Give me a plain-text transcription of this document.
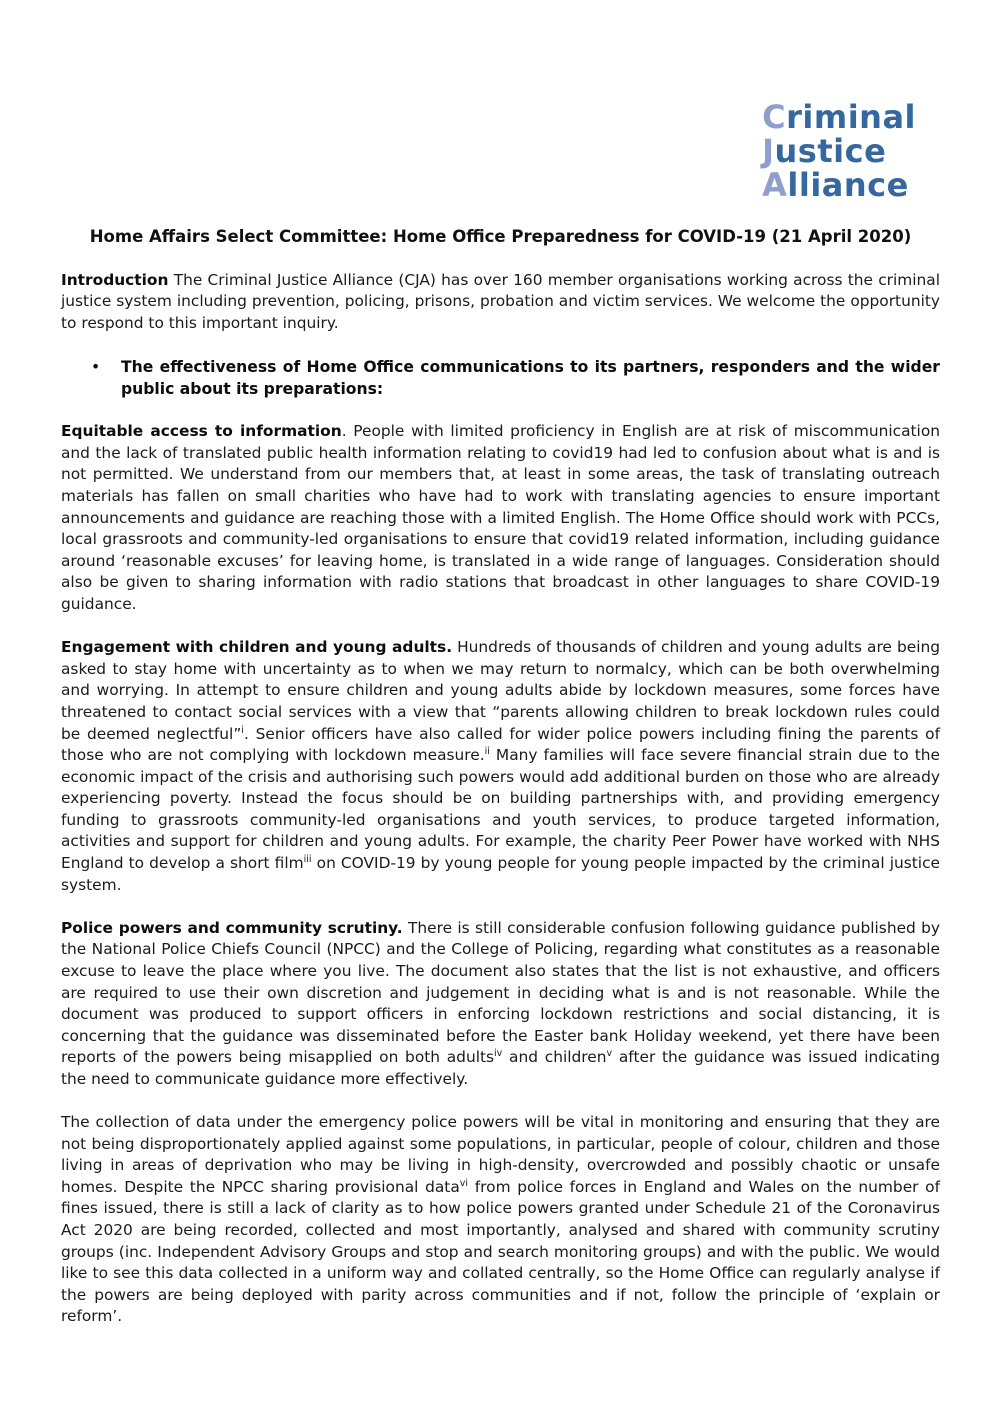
Criminal
Justice
Alliance
Home Affairs Select Committee: Home Office Preparedness for COVID-19 (21 April 2020)

Introduction The Criminal Justice Alliance (CJA) has over 160 member organisations working across the criminal justice system including prevention, policing, prisons, probation and victim services. We welcome the opportunity to respond to this important inquiry.

•	The effectiveness of Home Office communications to its partners, responders and the wider public about its preparations:

Equitable access to information. People with limited proficiency in English are at risk of miscommunication and the lack of translated public health information relating to covid19 had led to confusion about what is and is not permitted. We understand from our members that, at least in some areas, the task of translating outreach materials has fallen on small charities who have had to work with translating agencies to ensure important announcements and guidance are reaching those with a limited English. The Home Office should work with PCCs, local grassroots and community-led organisations to ensure that covid19 related information, including guidance around ‘reasonable excuses’ for leaving home, is translated in a wide range of languages. Consideration should also be given to sharing information with radio stations that broadcast in other languages to share COVID-19 guidance.

Engagement with children and young adults. Hundreds of thousands of children and young adults are being asked to stay home with uncertainty as to when we may return to normalcy, which can be both overwhelming and worrying. In attempt to ensure children and young adults abide by lockdown measures, some forces have threatened to contact social services with a view that “parents allowing children to break lockdown rules could be deemed neglectful”$^i$. Senior officers have also called for wider police powers including fining the parents of those who are not complying with lockdown measure.$^{ii}$ Many families will face severe financial strain due to the economic impact of the crisis and authorising such powers would add additional burden on those who are already experiencing poverty. Instead the focus should be on building partnerships with, and providing emergency funding to grassroots community-led organisations and youth services, to produce targeted information, activities and support for children and young adults. For example, the charity Peer Power have worked with NHS England to develop a short film$^{iii}$ on COVID-19 by young people for young people impacted by the criminal justice system.

Police powers and community scrutiny. There is still considerable confusion following guidance published by the National Police Chiefs Council (NPCC) and the College of Policing, regarding what constitutes as a reasonable excuse to leave the place where you live. The document also states that the list is not exhaustive, and officers are required to use their own discretion and judgement in deciding what is and is not reasonable. While the document was produced to support officers in enforcing lockdown restrictions and social distancing, it is concerning that the guidance was disseminated before the Easter bank Holiday weekend, yet there have been reports of the powers being misapplied on both adults$^{iv}$ and children$^v$ after the guidance was issued indicating the need to communicate guidance more effectively.

The collection of data under the emergency police powers will be vital in monitoring and ensuring that they are not being disproportionately applied against some populations, in particular, people of colour, children and those living in areas of deprivation who may be living in high-density, overcrowded and possibly chaotic or unsafe homes. Despite the NPCC sharing provisional data$^{vi}$ from police forces in England and Wales on the number of fines issued, there is still a lack of clarity as to how police powers granted under Schedule 21 of the Coronavirus Act 2020 are being recorded, collected and most importantly, analysed and shared with community scrutiny groups (inc. Independent Advisory Groups and stop and search monitoring groups) and with the public. We would like to see this data collected in a uniform way and collated centrally, so the Home Office can regularly analyse if the powers are being deployed with parity across communities and if not, follow the principle of ‘explain or reform’.
